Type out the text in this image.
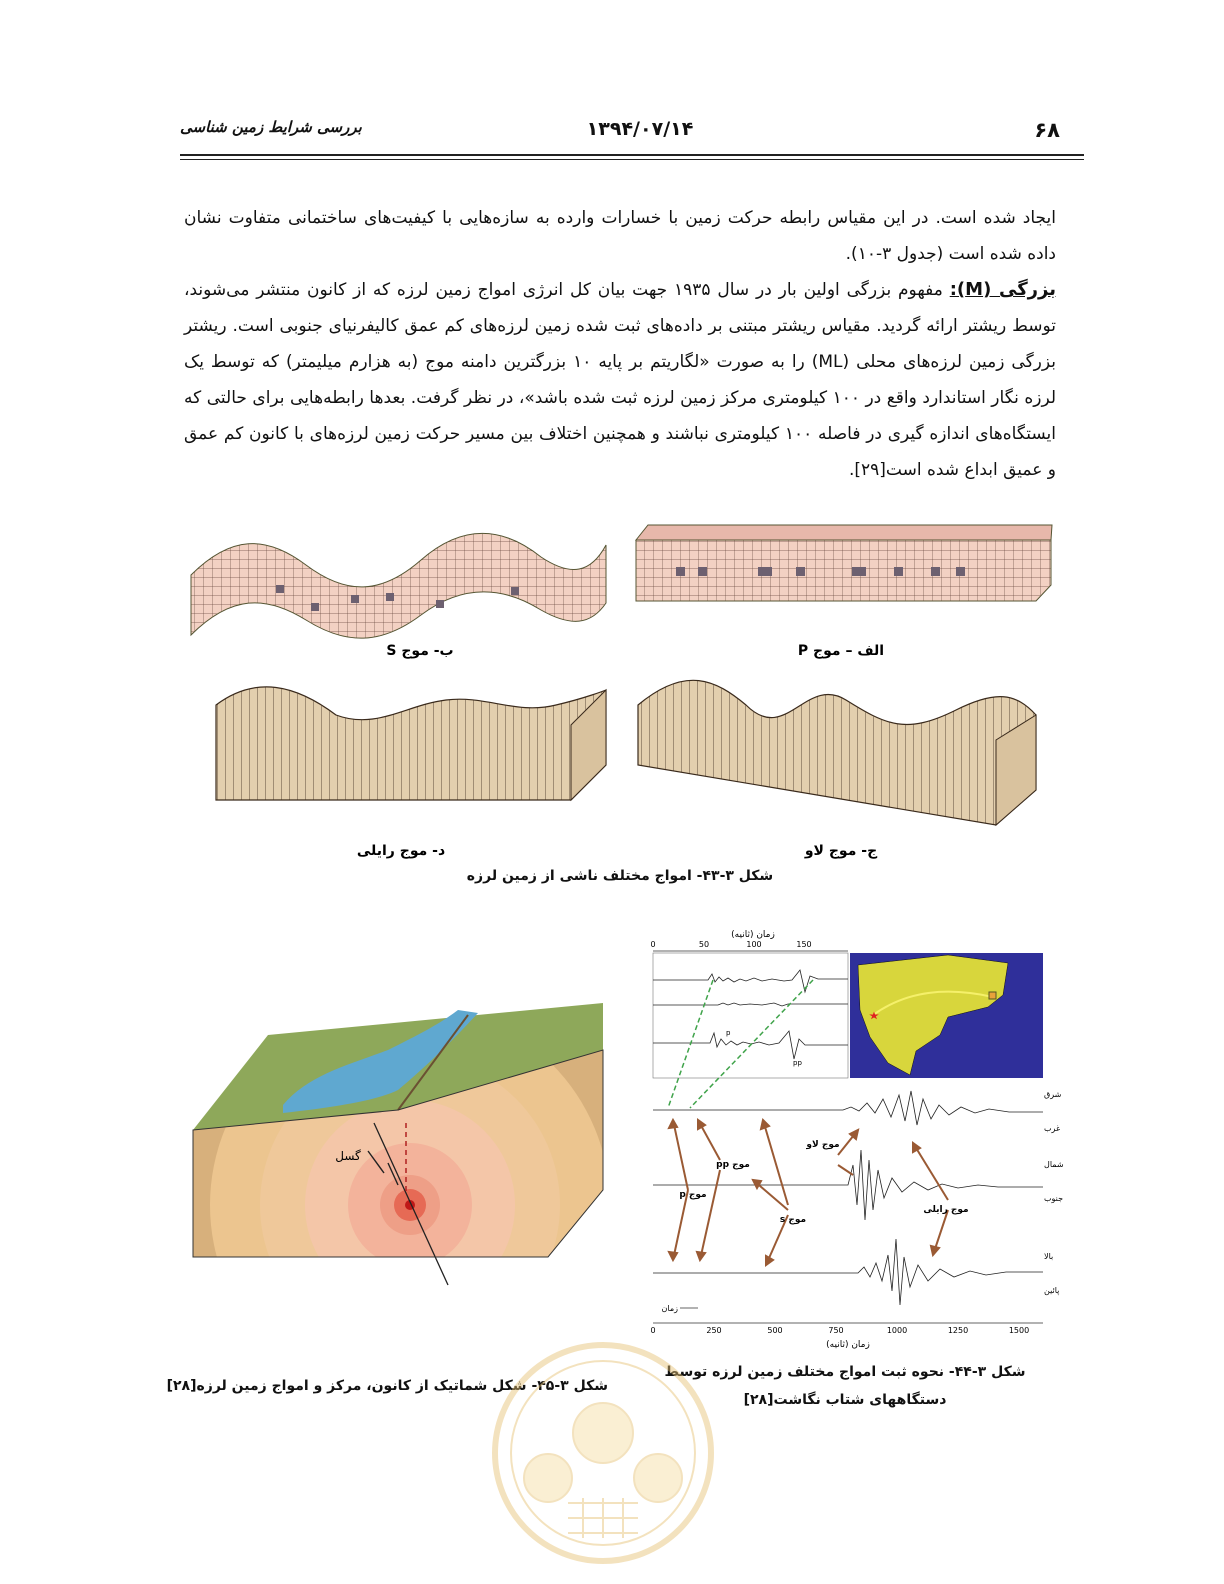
بررسی شرایط زمین شناسی	۱۳۹۴/۰۷/۱۴	۶۸

ایجاد شده است. در این مقیاس رابطه حرکت زمین با خسارات وارده به سازه‌هایی با کیفیت‌های ساختمانی متفاوت نشان داده شده است (جدول ۳-۱۰).

بزرگی (M): مفهوم بزرگی اولین بار در سال ۱۹۳۵ جهت بیان کل انرژی امواج زمین لرزه که از کانون منتشر می‌شوند، توسط ریشتر ارائه گردید. مقیاس ریشتر مبتنی بر داده‌های ثبت شده زمین لرزه‌های کم عمق کالیفرنیای جنوبی است. ریشتر بزرگی زمین لرزه‌های محلی (ML) را به صورت «لگاریتم بر پایه ۱۰ بزرگترین دامنه موج (به هزارم میلیمتر) که توسط یک لرزه نگار استاندارد واقع در ۱۰۰ کیلومتری مرکز زمین لرزه ثبت شده باشد»، در نظر گرفت. بعدها رابطه‌هایی برای حالتی که ایستگاه‌های اندازه گیری در فاصله ۱۰۰ کیلومتری نباشند و همچنین اختلاف بین مسیر حرکت زمین لرزه‌های با کانون کم عمق و عمیق ابداع شده است[۲۹].

ب- موج S	الف – موج P
د- موج رایلی	ج- موج لاو
شکل ۳-۴۳- امواج مختلف ناشی از زمین لرزه
گسل
شکل ۳-۴۵- شکل شماتیک از کانون، مرکز و امواج زمین لرزه[۲۸]
زمان (ثانیه)
0	50	100	150
p
pp
شرق
غرب
شمال
جنوب
بالا
پائین
موج p
موج pp
موج s
موج لاو
موج رایلی
زمان
0	250	500	750	1000	1250	1500
زمان (ثانیه)
شکل ۳-۴۴- نحوه ثبت امواج مختلف زمین لرزه توسط
دستگاههای شتاب نگاشت[۲۸]
